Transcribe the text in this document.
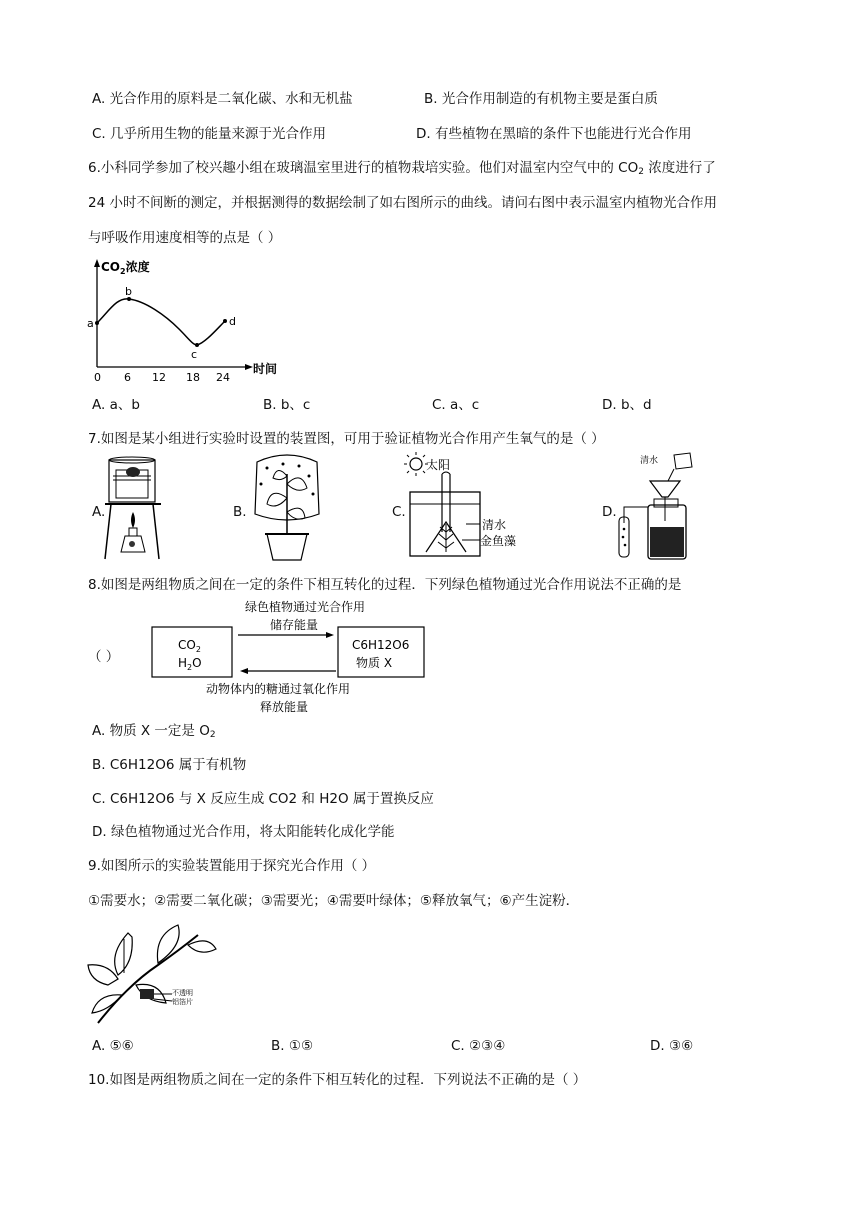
A. 光合作用的原料是二氧化碳、水和无机盐	B. 光合作用制造的有机物主要是蛋白质
C. 几乎所用生物的能量来源于光合作用	D. 有些植物在黑暗的条件下也能进行光合作用
6.小科同学参加了校兴趣小组在玻璃温室里进行的植物栽培实验。他们对温室内空气中的 $CO_2$ 浓度进行了
24 小时不间断的测定，并根据测得的数据绘制了如右图所示的曲线。请问右图中表示温室内植物光合作用
与呼吸作用速度相等的点是（ ）
$CO_2$浓度
时间
0 6 12 18 24
a
b
c
d
A. a、b	B. b、c	C. a、c	D. b、d
7.如图是某小组进行实验时设置的装置图，可用于验证植物光合作用产生氧气的是（ ）
A.	B.	C.
太阳
清水
金鱼藻
D.
清水
8.如图是两组物质之间在一定的条件下相互转化的过程．下列绿色植物通过光合作用说法不正确的是
绿色植物通过光合作用
储存能量
$CO_2$
$H_2O$
C6H12O6
物质 X
动物体内的糖通过氧化作用
释放能量
（ ）
A. 物质 X 一定是 $O_2$
B. C6H12O6 属于有机物
C. C6H12O6 与 X 反应生成 CO2 和 H2O 属于置换反应
D. 绿色植物通过光合作用，将太阳能转化成化学能
9.如图所示的实验装置能用于探究光合作用（ ）
①需要水；②需要二氧化碳；③需要光；④需要叶绿体；⑤释放氧气；⑥产生淀粉．
不透明
铝箔片
A. ⑤⑥	B. ①⑤	C. ②③④	D. ③⑥
10.如图是两组物质之间在一定的条件下相互转化的过程．下列说法不正确的是（ ）
